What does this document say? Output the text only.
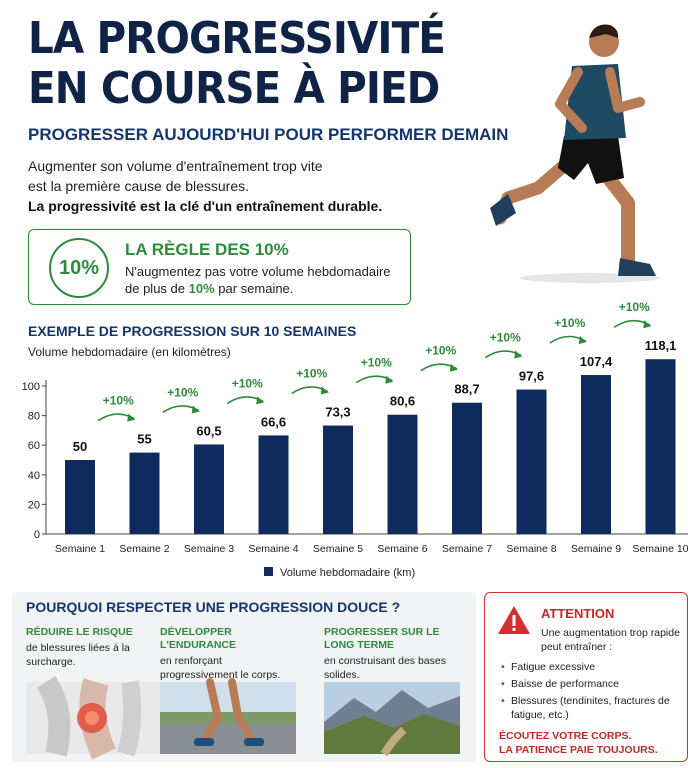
LA PROGRESSIVITÉ
EN COURSE À PIED
PROGRESSER AUJOURD'HUI POUR PERFORMER DEMAIN
Augmenter son volume d'entraînement trop vite
est la première cause de blessures.
La progressivité est la clé d'un entraînement durable.
10%
LA RÈGLE DES 10%
N'augmentez pas votre volume hebdomadaire de plus de 10% par semaine.
EXEMPLE DE PROGRESSION SUR 10 SEMAINES
Volume hebdomadaire (en kilomètres)
0
20
40
60
80
100
50
Semaine 1
55
Semaine 2
+10%
60,5
Semaine 3
+10%
66,6
Semaine 4
+10%
73,3
Semaine 5
+10%
80,6
Semaine 6
+10%
88,7
Semaine 7
+10%
97,6
Semaine 8
+10%
107,4
Semaine 9
+10%
118,1
Semaine 10
+10%
Volume hebdomadaire (km)
POURQUOI RESPECTER UNE PROGRESSION DOUCE ?
RÉDUIRE LE RISQUE
de blessures liées à la surcharge.
DÉVELOPPER L'ENDURANCE
en renforçant progressivement le corps.
PROGRESSER SUR LE LONG TERME
en construisant des bases solides.
ATTENTION
Une augmentation trop rapide peut entraîner :
• Fatigue excessive
• Baisse de performance
• Blessures (tendinites, fractures de fatigue, etc.)
ÉCOUTEZ VOTRE CORPS.
LA PATIENCE PAIE TOUJOURS.
